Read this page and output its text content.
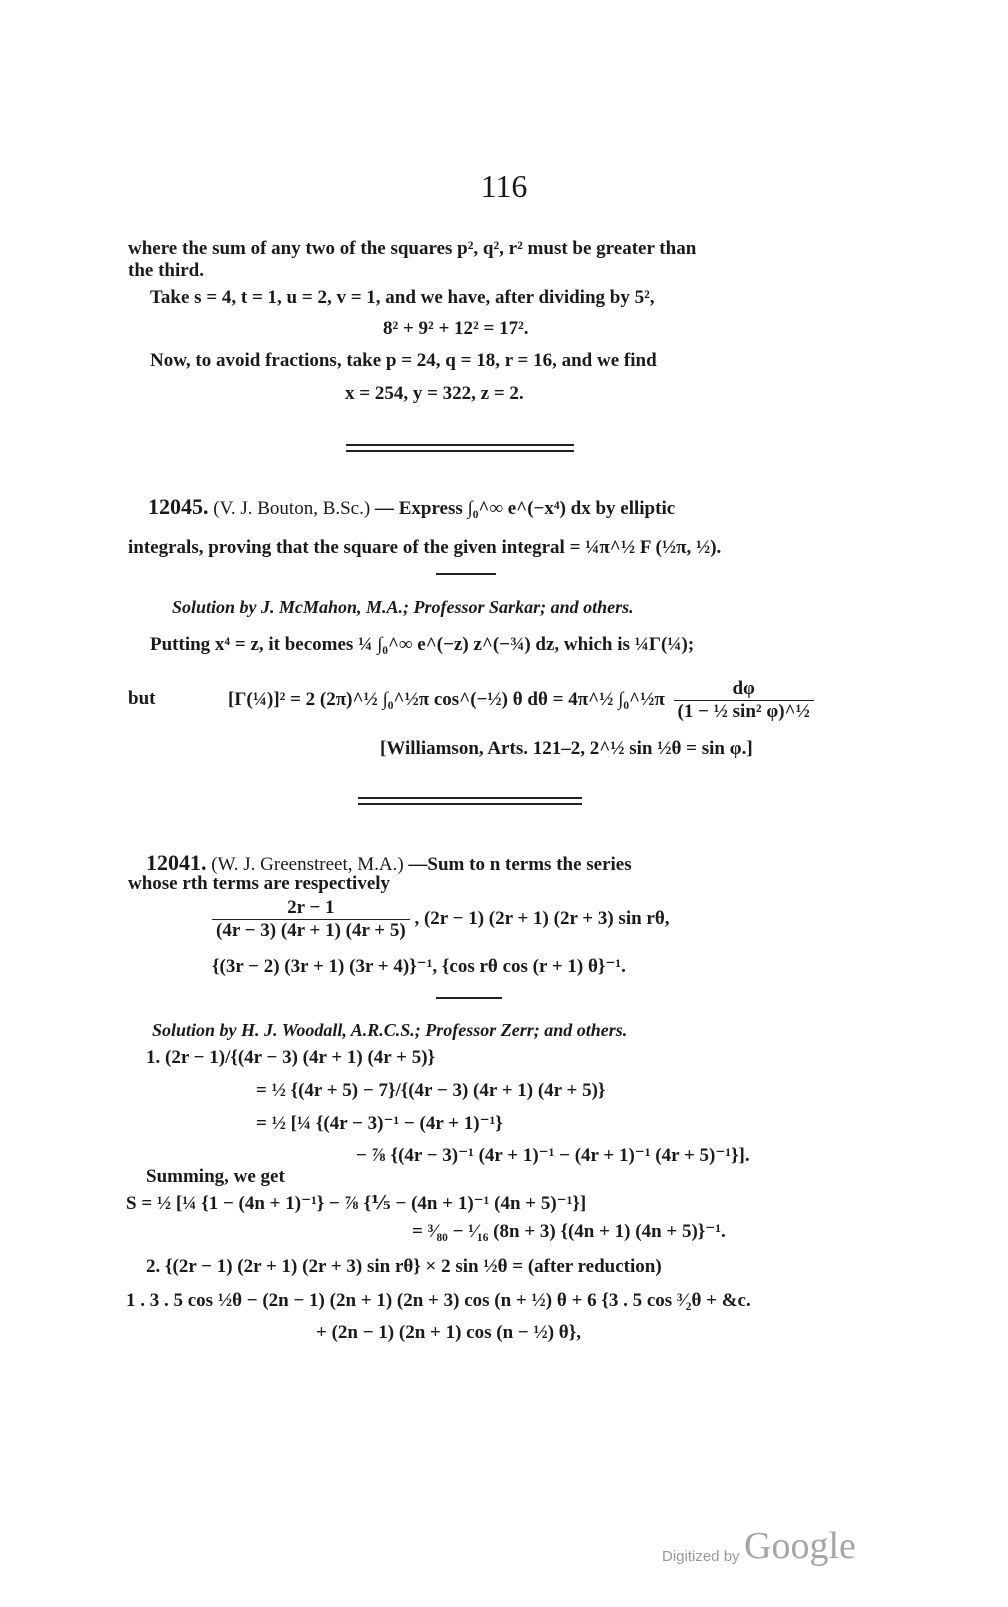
116
where the sum of any two of the squares p², q², r² must be greater than
the third.
Take s = 4, t = 1, u = 2, v = 1, and we have, after dividing by 5²,
8² + 9² + 12² = 17².
Now, to avoid fractions, take p = 24, q = 18, r = 16, and we find
x = 254, y = 322, z = 2.
12045. (V. J. Bouton, B.Sc.) — Express ∫₀^∞ e^(−x⁴) dx by elliptic
integrals, proving that the square of the given integral = ¼π^½ F (½π, ½).
Solution by J. McMahon, M.A.; Professor Sarkar; and others.
Putting x⁴ = z, it becomes ¼ ∫₀^∞ e^(−z) z^(−¾) dz, which is ¼Γ(¼);
but	[Γ(¼)]² = 2 (2π)^½ ∫₀^½π cos^(−½) θ dθ = 4π^½ ∫₀^½π $\frac{d\varphi}{\text{(1 − ½ sin² φ)\textasciicircum{}½}}$
[Williamson, Arts. 121–2, 2^½ sin ½θ = sin φ.]
12041. (W. J. Greenstreet, M.A.) —Sum to n terms the series
whose rth terms are respectively
$\frac{2r - 1}{(4r - 3) (4r + 1) (4r + 5)}$ , (2r − 1) (2r + 1) (2r + 3) sin rθ,
{(3r − 2) (3r + 1) (3r + 4)}⁻¹, {cos rθ cos (r + 1) θ}⁻¹.
Solution by H. J. Woodall, A.R.C.S.; Professor Zerr; and others.
1. (2r − 1)/{(4r − 3) (4r + 1) (4r + 5)}
= ½ {(4r + 5) − 7}/{(4r − 3) (4r + 1) (4r + 5)}
= ½ [¼ {(4r − 3)⁻¹ − (4r + 1)⁻¹}
− ⅞ {(4r − 3)⁻¹ (4r + 1)⁻¹ − (4r + 1)⁻¹ (4r + 5)⁻¹}].
Summing, we get
S = ½ [¼ {1 − (4n + 1)⁻¹} − ⅞ {⅕ − (4n + 1)⁻¹ (4n + 5)⁻¹}]
= ³⁄₈₀ − ¹⁄₁₆ (8n + 3) {(4n + 1) (4n + 5)}⁻¹.
2. {(2r − 1) (2r + 1) (2r + 3) sin rθ} × 2 sin ½θ = (after reduction)
1 . 3 . 5 cos ½θ − (2n − 1) (2n + 1) (2n + 3) cos (n + ½) θ + 6 {3 . 5 cos ³⁄₂θ + &c.
+ (2n − 1) (2n + 1) cos (n − ½) θ},
Digitized by Google
